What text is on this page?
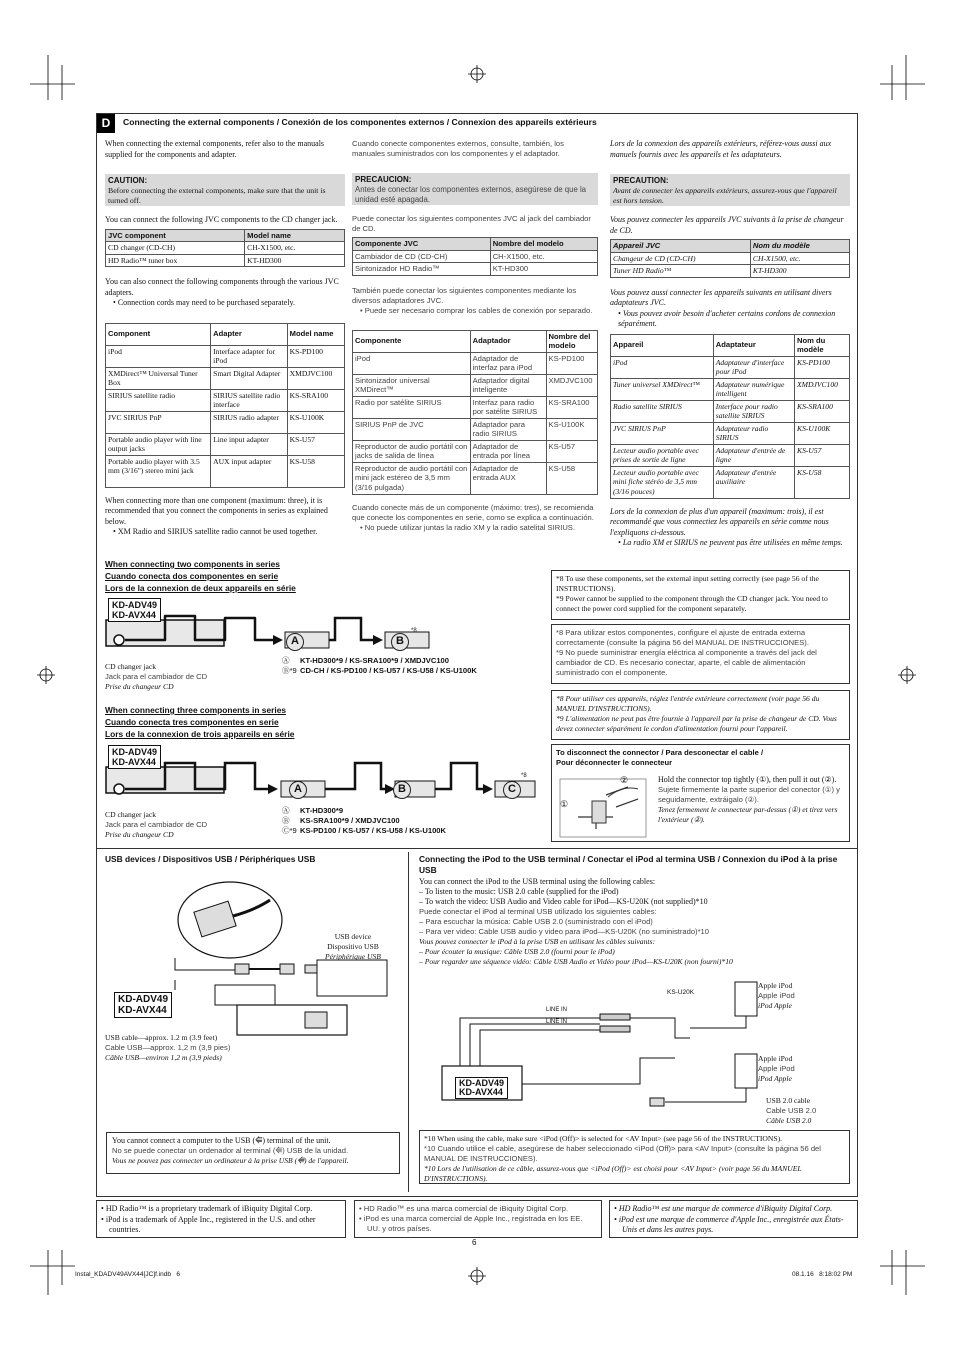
D	Connecting the external components / Conexión de los componentes externos / Connexion des appareils extérieurs
When connecting the external components, refer also to the manuals supplied for the components and adapter.
CAUTION:
Before connecting the external components, make sure that the unit is turned off.
You can connect the following JVC components to the CD changer jack.
JVC component	Model name
CD changer (CD-CH)	CH-X1500, etc.
HD Radio™ tuner box	KT-HD300
You can also connect the following components through the various JVC adapters.
• Connection cords may need to be purchased separately.
Component	Adapter	Model name
iPod	Interface adapter for iPod	KS-PD100
XMDirect™ Universal Tuner Box	Smart Digital Adapter	XMDJVC100
SIRIUS satellite radio	SIRIUS satellite radio interface	KS-SRA100
JVC SIRIUS PnP	SIRIUS radio adapter	KS-U100K
Portable audio player with line output jacks	Line input adapter	KS-U57
Portable audio player with 3.5 mm (3/16") stereo mini jack	AUX input adapter	KS-U58
When connecting more than one component (maximum: three), it is recommended that you connect the components in series as explained below.
• XM Radio and SIRIUS satellite radio cannot be used together.
Cuando conecte componentes externos, consulte, también, los manuales suministrados con los componentes y el adaptador.
PRECAUCION:
Antes de conectar los componentes externos, asegúrese de que la unidad esté apagada.
Puede conectar los siguientes componentes JVC al jack del cambiador de CD.
Componente JVC	Nombre del modelo
Cambiador de CD (CD-CH)	CH-X1500, etc.
Sintonizador HD Radio™	KT-HD300
También puede conectar los siguientes componentes mediante los diversos adaptadores JVC.
• Puede ser necesario comprar los cables de conexión por separado.
Componente	Adaptador	Nombre del modelo
iPod	Adaptador de interfaz para iPod	KS-PD100
Sintonizador universal XMDirect™	Adaptador digital inteligente	XMDJVC100
Radio por satélite SIRIUS	Interfaz para radio por satélite SIRIUS	KS-SRA100
SIRIUS PnP de JVC	Adaptador para radio SIRIUS	KS-U100K
Reproductor de audio portátil con jacks de salida de línea	Adaptador de entrada por línea	KS-U57
Reproductor de audio portátil con mini jack estéreo de 3,5 mm (3/16 pulgada)	Adaptador de entrada AUX	KS-U58
Cuando conecte más de un componente (máximo: tres), se recomienda que conecte los componentes en serie, como se explica a continuación.
• No puede utilizar juntas la radio XM y la radio satelital SIRIUS.
Lors de la connexion des appareils extérieurs, référez-vous aussi aux manuels fournis avec les appareils et les adaptateurs.
PRECAUTION:
Avant de connecter les appareils extérieurs, assurez-vous que l'appareil est hors tension.
Vous pouvez connecter les appareils JVC suivants à la prise de changeur de CD.
Appareil JVC	Nom du modèle
Changeur de CD (CD-CH)	CH-X1500, etc.
Tuner HD Radio™	KT-HD300
Vous pouvez aussi connecter les appareils suivants en utilisant divers adaptateurs JVC.
• Vous pouvez avoir besoin d'acheter certains cordons de connexion séparément.
Appareil	Adaptateur	Nom du modèle
iPod	Adaptateur d'interface pour iPod	KS-PD100
Tuner universel XMDirect™	Adaptateur numérique intelligent	XMDJVC100
Radio satellite SIRIUS	Interface pour radio satellite SIRIUS	KS-SRA100
JVC SIRIUS PnP	Adaptateur radio SIRIUS	KS-U100K
Lecteur audio portable avec prises de sortie de ligne	Adaptateur d'entrée de ligne	KS-U57
Lecteur audio portable avec mini fiche stéréo de 3,5 mm (3/16 pouces)	Adaptateur d'entrée auxiliaire	KS-U58
Lors de la connexion de plus d'un appareil (maximum: trois), il est recommandé que vous connectiez les appareils en série comme nous l'expliquons ci-dessous.
• La radio XM et SIRIUS ne peuvent pas être utilisées en même temps.
When connecting two components in series
Cuando conecta dos componentes en serie
Lors de la connexion de deux appareils en série
KD-ADV49
KD-AVX44
A	B
*8
CD changer jack
Jack para el cambiador de CD
Prise du changeur CD
Ⓐ KT-HD300*9 / KS-SRA100*9 / XMDJVC100
Ⓑ*9 CD-CH / KS-PD100 / KS-U57 / KS-U58 / KS-U100K
When connecting three components in series
Cuando conecta tres componentes en serie
Lors de la connexion de trois appareils en série
KD-ADV49
KD-AVX44
A	B	C
*8
CD changer jack
Jack para el cambiador de CD
Prise du changeur CD
Ⓐ KT-HD300*9
Ⓑ KS-SRA100*9 / XMDJVC100
Ⓒ*9 KS-PD100 / KS-U57 / KS-U58 / KS-U100K
*8 To use these components, set the external input setting correctly (see page 56 of the INSTRUCTIONS).
*9 Power cannot be supplied to the component through the CD changer jack. You need to connect the power cord supplied for the component separately.
*8 Para utilizar estos componentes, configure el ajuste de entrada externa correctamente (consulte la página 56 del MANUAL DE INSTRUCCIONES).
*9 No puede suministrar energía eléctrica al componente a través del jack del cambiador de CD. Es necesario conectar, aparte, el cable de alimentación suministrado con el componente.
*8 Pour utiliser ces appareils, réglez l'entrée extérieure correctement (voir page 56 du MANUEL D'INSTRUCTIONS).
*9 L'alimentation ne peut pas être fournie à l'appareil par la prise de changeur de CD. Vous devez connecter séparément le cordon d'alimentation fourni pour l'appareil.
To disconnect the connector / Para desconectar el cable / Pour déconnecter le connecteur
②
①
Hold the connector top tightly (①), then pull it out (②).
Sujete firmemente la parte superior del conector (①) y seguidamente, extráigalo (②).
Tenez fermement le connecteur par-dessus (①) et tirez vers l'extérieur (②).
USB devices / Dispositivos USB / Périphériques USB
USB device
Dispositivo USB
Périphérique USB
KD-ADV49
KD-AVX44
USB cable—approx. 1.2 m (3.9 feet)
Cable USB—approx. 1,2 m (3,9 pies)
Câble USB—environ 1,2 m (3,9 pieds)
You cannot connect a computer to the USB (⭅) terminal of the unit.
No se puede conectar un ordenador al terminal (⭅) USB de la unidad.
Vous ne pouvez pas connecter un ordinateur à la prise USB (⭅) de l'appareil.
Connecting the iPod to the USB terminal / Conectar el iPod al termina USB / Connexion du iPod à la prise USB
You can connect the iPod to the USB terminal using the following cables:
– To listen to the music: USB 2.0 cable (supplied for the iPod)
– To watch the video: USB Audio and Video cable for iPod—KS-U20K (not supplied)*10
Puede conectar el iPod al terminal USB utilizado los siguientes cables:
– Para escuchar la música: Cable USB 2.0 (suministrado con el iPod)
– Para ver video: Cable USB audio y video para iPod—KS-U20K (no suministrado)*10
Vous pouvez connecter le iPod à la prise USB en utilisant les câbles suivants:
– Pour écouter la musique: Câble USB 2.0 (fourni pour le iPod)
– Pour regarder une séquence vidéo: Câble USB Audio et Vidéo pour iPod—KS-U20K (non fourni)*10
KS-U20K
LINE IN
LINE IN
Apple iPod
Apple iPod
iPod Apple
Apple iPod
Apple iPod
iPod Apple
USB 2.0 cable
Cable USB 2.0
Câble USB 2.0
KD-ADV49
KD-AVX44
*10 When using the cable, make sure <iPod (Off)> is selected for <AV Input> (see page 56 of the INSTRUCTIONS).
*10 Cuando utilice el cable, asegúrese de haber seleccionado <iPod (Off)> para <AV Input> (consulte la página 56 del MANUAL DE INSTRUCCIONES).
*10 Lors de l'utilisation de ce câble, assurez-vous que <iPod (Off)> est choisi pour <AV Input> (voir page 56 du MANUEL D'INSTRUCTIONS).
• HD Radio™ is a proprietary trademark of iBiquity Digital Corp.
• iPod is a trademark of Apple Inc., registered in the U.S. and other countries.
• HD Radio™ es una marca comercial de iBiquity Digital Corp.
• iPod es una marca comercial de Apple Inc., registrada en los EE. UU. y otros países.
• HD Radio™ est une marque de commerce d'iBiquity Digital Corp.
• iPod est une marque de commerce d'Apple Inc., enregistrée aux États-Unis et dans les autres pays.
6
Instal_KDADV49AVX44[JC]f.indb   6	08.1.16   8:18:02 PM
